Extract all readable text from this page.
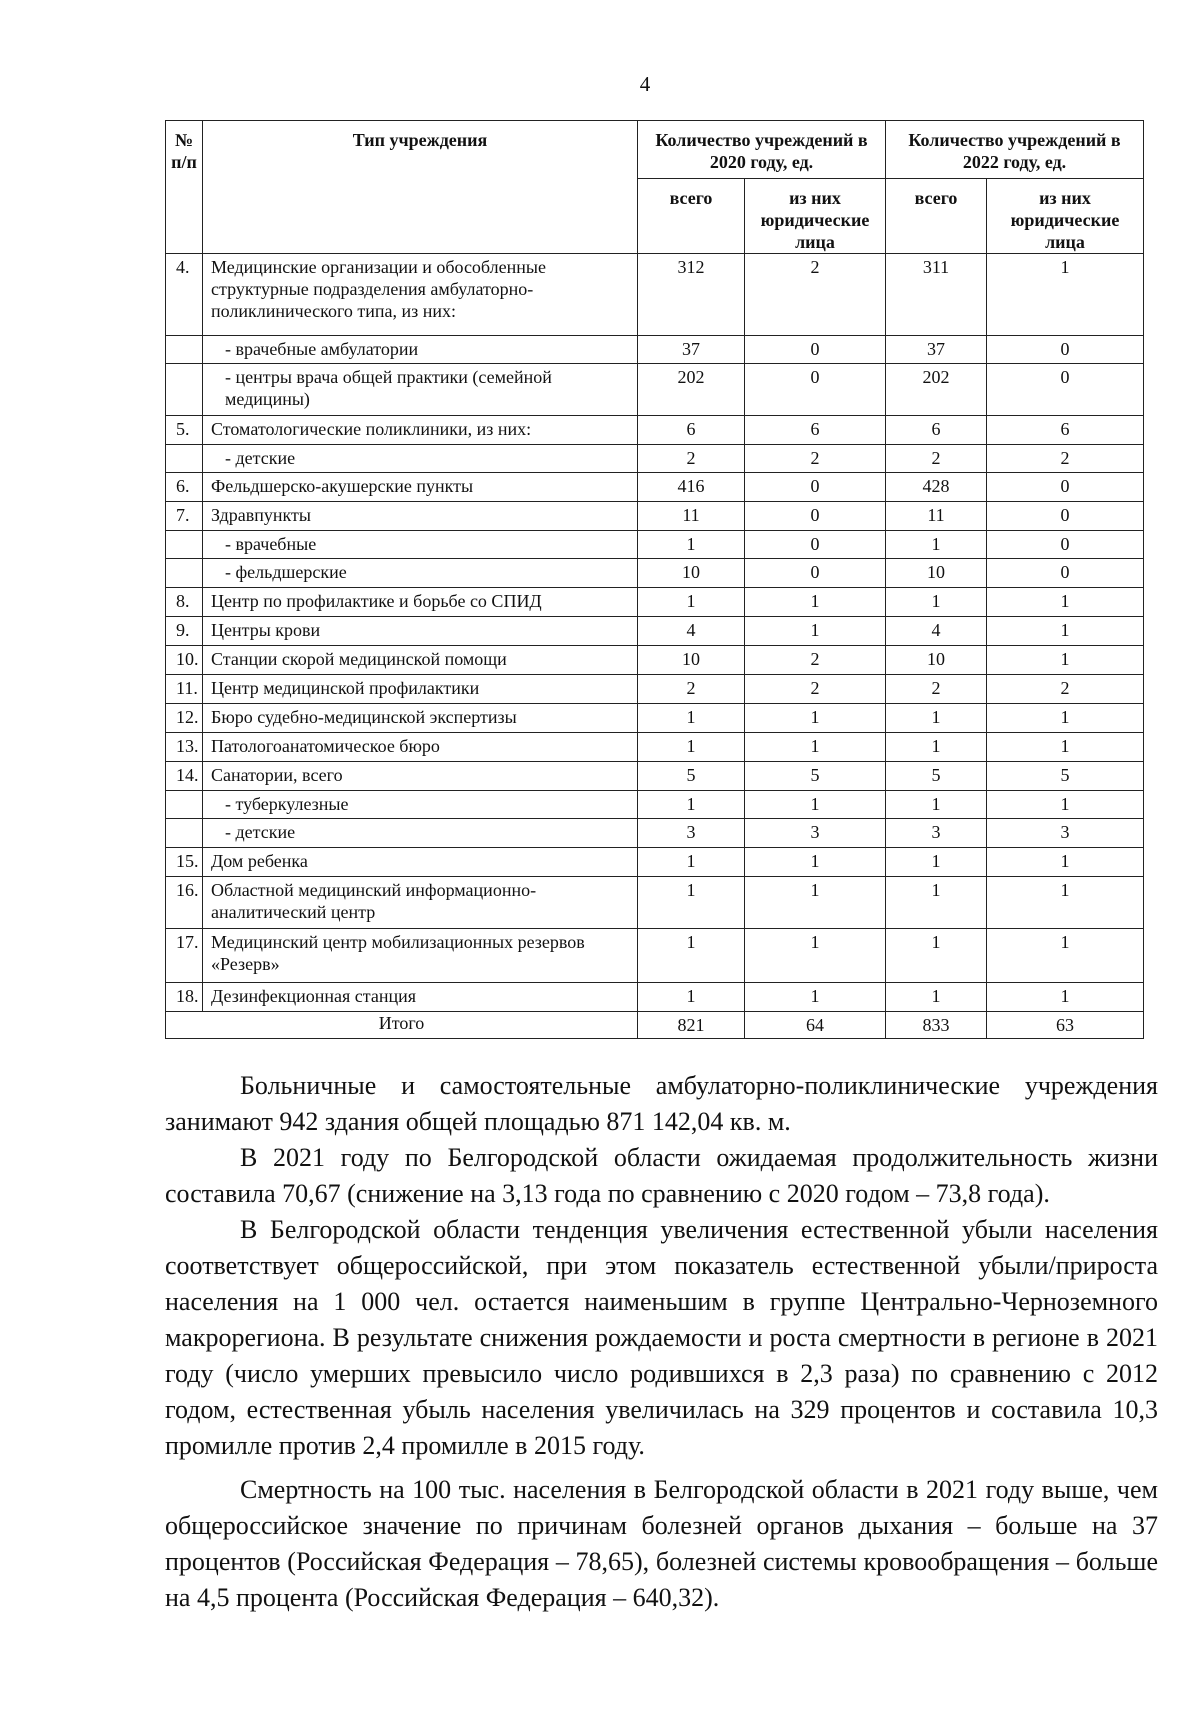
4
№ п/п	Тип учреждения	Количество учреждений в 2020 году, ед.		Количество учреждений в 2022 году, ед.	
		всего	из них юридические лица	всего	из них юридические лица
4.	Медицинские организации и обособленные структурные подразделения амбулаторно-поликлинического типа, из них:	312	2	311	1
	- врачебные амбулатории	37	0	37	0
	- центры врача общей практики (семейной медицины)	202	0	202	0
5.	Стоматологические поликлиники, из них:	6	6	6	6
	- детские	2	2	2	2
6.	Фельдшерско-акушерские пункты	416	0	428	0
7.	Здравпункты	11	0	11	0
	- врачебные	1	0	1	0
	- фельдшерские	10	0	10	0
8.	Центр по профилактике и борьбе со СПИД	1	1	1	1
9.	Центры крови	4	1	4	1
10.	Станции скорой медицинской помощи	10	2	10	1
11.	Центр медицинской профилактики	2	2	2	2
12.	Бюро судебно-медицинской экспертизы	1	1	1	1
13.	Патологоанатомическое бюро	1	1	1	1
14.	Санатории, всего	5	5	5	5
	- туберкулезные	1	1	1	1
	- детские	3	3	3	3
15.	Дом ребенка	1	1	1	1
16.	Областной медицинский информационно-аналитический центр	1	1	1	1
17.	Медицинский центр мобилизационных резервов «Резерв»	1	1	1	1
18.	Дезинфекционная станция	1	1	1	1
Итого		821	64	833	63

Больничные и самостоятельные амбулаторно-поликлинические учреждения занимают 942 здания общей площадью 871 142,04 кв. м.

В 2021 году по Белгородской области ожидаемая продолжительность жизни составила 70,67 (снижение на 3,13 года по сравнению с 2020 годом – 73,8 года).

В Белгородской области тенденция увеличения естественной убыли населения соответствует общероссийской, при этом показатель естественной убыли/прироста населения на 1 000 чел. остается наименьшим в группе Центрально-Черноземного макрорегиона. В результате снижения рождаемости и роста смертности в регионе в 2021 году (число умерших превысило число родившихся в 2,3 раза) по сравнению с 2012 годом, естественная убыль населения увеличилась на 329 процентов и составила 10,3 промилле против 2,4 промилле в 2015 году.

Смертность на 100 тыс. населения в Белгородской области в 2021 году выше, чем общероссийское значение по причинам болезней органов дыхания – больше на 37 процентов (Российская Федерация – 78,65), болезней системы кровообращения – больше на 4,5 процента (Российская Федерация – 640,32).
